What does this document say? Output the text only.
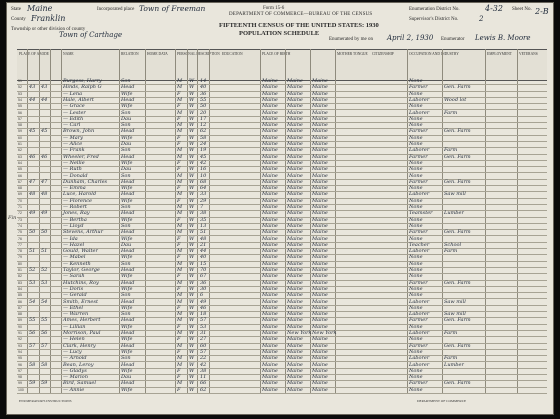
Form 15-6
DEPARTMENT OF COMMERCE—BUREAU OF THE CENSUS
FIFTEENTH CENSUS OF THE UNITED STATES: 1930
POPULATION SCHEDULE
State Maine
County Franklin
Township or other division of county
Town of Carthage
Incorporated place Town of Freeman	Enumeration District No.	4-32 Sheet No. 2-B
Supervisor's District No.	2
Enumerated by me on April 2, 1930 Enumerator Lewis B. Moore
Fin
PLACE OF ABODE	NAME	RELATION HOME DATA	PERSONAL DESCRIPTION EDUCATION	PLACE OF BIRTH	MOTHER TONGUE CITIZENSHIP	OCCUPATION AND INDUSTRY	EMPLOYMENT VETERANS
51	Burgess, Harry	Son	M W 14	Maine Maine Maine	None
52 43 43	Hinds, Ralph G	Head	M W 40	Maine Maine Maine	Farmer	Gen. Farm
53	— Lena	Wife	F W 36	Maine Maine Maine	None
54 44 44	Hale, Albert	Head	M W 55	Maine Maine Maine	Laborer	Wood lot
55	— Grace	Wife	F W 50	Maine Maine Maine	None
56	— Lester	Son	M W 20	Maine Maine Maine	Laborer	Farm
57	— Edith	Dau	F W 17	Maine Maine Maine	None
58	— Carl	Son	M W 12	Maine Maine Maine	None
59 45 45	Brown, John	Head	M W 62	Maine Maine Maine	Farmer	Gen. Farm
60	— Mary	Wife	F W 58	Maine Maine Maine	None
61	— Alice	Dau	F W 24	Maine Maine Maine	None
62	— Frank	Son	M W 19	Maine Maine Maine	Laborer	Farm
63 46 46	Wheeler, Fred	Head	M W 45	Maine Maine Maine	Farmer	Gen. Farm
64	— Nellie	Wife	F W 42	Maine Maine Maine	None
65	— Ruth	Dau	F W 16	Maine Maine Maine	None
66	— Donald	Son	M W 10	Maine Maine Maine	None
67 47 47	Dunham, Charles	Head	M W 68	Maine Maine Maine	Farmer	Gen. Farm
68	— Emma	Wife	F W 64	Maine Maine Maine	None
69 48 48	Luce, Harold	Head	M W 33	Maine Maine Maine	Laborer	Saw mill
70	— Florence	Wife	F W 29	Maine Maine Maine	None
71	— Robert	Son	M W 7	Maine Maine Maine	None
72 49 49	Jones, Ray	Head	M W 38	Maine Maine Maine	Teamster Lumber
73	— Bertha	Wife	F W 35	Maine Maine Maine	None
74	— Lloyd	Son	M W 13	Maine Maine Maine	None
75 50 50	Stevens, Arthur	Head	M W 51	Maine Maine Maine	Farmer	Gen. Farm
76	— Ida	Wife	F W 48	Maine Maine Maine	None
77	— Hazel	Dau	F W 21	Maine Maine Maine	Teacher	School
78 51 51	Gould, Walter	Head	M W 44	Maine Maine Maine	Laborer	Farm
79	— Mabel	Wife	F W 40	Maine Maine Maine	None
80	— Kenneth	Son	M W 15	Maine Maine Maine	None
81 52 52	Taylor, George	Head	M W 70	Maine Maine Maine	None
82	— Sarah	Wife	F W 67	Maine Maine Maine	None
83 53 53	Hutchins, Roy	Head	M W 36	Maine Maine Maine	Farmer	Gen. Farm
84	— Doris	Wife	F W 30	Maine Maine Maine	None
85	— Gerald	Son	M W 6	Maine Maine Maine	None
86 54 54	Smith, Ernest	Head	M W 49	Maine Maine Maine	Laborer	Saw mill
87	— Ethel	Wife	F W 46	Maine Maine Maine	None
88	— Warren	Son	M W 18	Maine Maine Maine	Laborer	Saw mill
89 55 55	Ames, Herbert	Head	M W 57	Maine Maine Maine	Farmer	Gen. Farm
90	— Lillian	Wife	F W 53	Maine Maine Maine	None
91 56 56	Morrison, Paul	Head	M W 31	Maine New York New York	Laborer	Farm
92	— Helen	Wife	F W 27	Maine Maine Maine	None
93 57 57	Clark, Henry	Head	M W 60	Maine Maine Maine	Farmer	Gen. Farm
94	— Lucy	Wife	F W 57	Maine Maine Maine	None
95	— Arnold	Son	M W 22	Maine Maine Maine	Laborer	Farm
96 58 58	Bean, Leroy	Head	M W 42	Maine Maine Maine	Laborer	Lumber
97	— Gladys	Wife	F W 38	Maine Maine Maine	None
98	— Marion	Dau	F W 11	Maine Maine Maine	None
99 59 59	Bird, Samuel	Head	M W 66	Maine Maine Maine	Farmer	Gen. Farm
100	— Annie	Wife	F W 62	Maine Maine Maine	None
ENUMERATOR'S INSTRUCTIONS	DEPARTMENT OF COMMERCE
